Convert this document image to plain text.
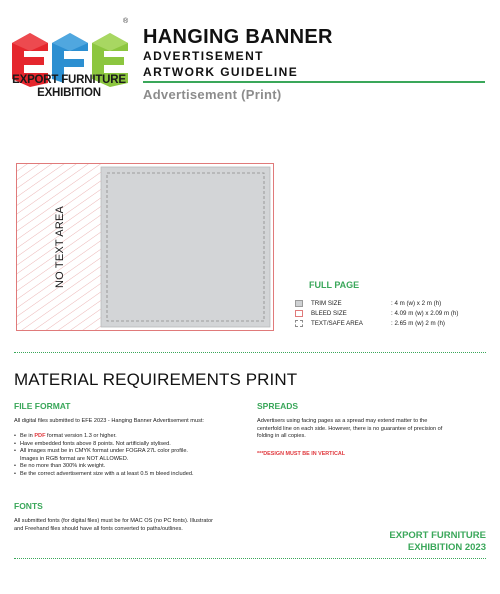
®
EXPORT FURNITURE
EXHIBITION
HANGING BANNER
ADVERTISEMENT
ARTWORK GUIDELINE
Advertisement (Print)
NO TEXT AREA	FULL PAGE
TRIM SIZE	: 4 m (w) x 2 m (h)
BLEED SIZE	: 4.09 m (w) x 2.09 m (h)
TEXT/SAFE AREA	: 2.65 m (w) 2 m (h)
MATERIAL REQUIREMENTS PRINT
FILE FORMAT
All digital files submitted to EFE 2023 - Hanging Banner Advertisement must:
• Be in PDF format version 1.3 or higher.
• Have embedded fonts above 8 points. Not artificially stylised.
• All images must be in CMYK format under FOGRA 27L color profile.
Images in RGB format are NOT ALLOWED.
• Be no more than 300% ink weight.
• Be the correct advertisement size with a at least 0.5 m bleed included.
FONTS
All submitted fonts (for digital files) must be for MAC OS (no PC fonts). Illustrator
and Freehand files should have all fonts converted to paths/outlines.
SPREADS
Advertisers using facing pages as a spread may extend matter to the
centerfold line on each side. However, there is no guarantee of precision of
folding in all copies.
***DESIGN MUST BE IN VERTICAL
EXPORT FURNITURE
EXHIBITION 2023
